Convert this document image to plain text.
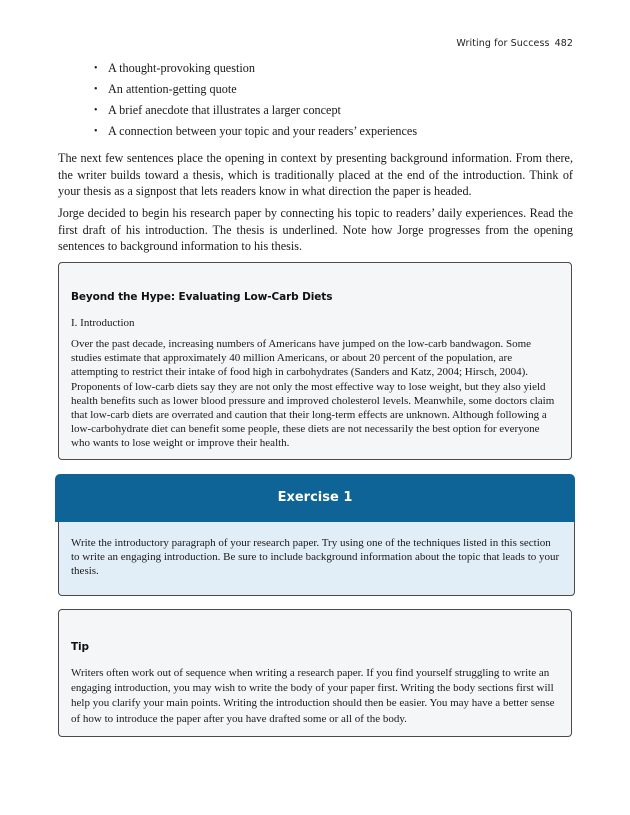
Writing for Success 482
• A thought-provoking question
• An attention-getting quote
• A brief anecdote that illustrates a larger concept
• A connection between your topic and your readers’ experiences

The next few sentences place the opening in context by presenting background information. From there, the writer builds toward a thesis, which is traditionally placed at the end of the introduction. Think of your thesis as a signpost that lets readers know in what direction the paper is headed.

Jorge decided to begin his research paper by connecting his topic to readers’ daily experiences. Read the first draft of his introduction. The thesis is underlined. Note how Jorge progresses from the opening sentences to background information to his thesis.

Beyond the Hype: Evaluating Low-Carb Diets
I. Introduction
Over the past decade, increasing numbers of Americans have jumped on the low-carb bandwagon. Some studies estimate that approximately 40 million Americans, or about 20 percent of the population, are attempting to restrict their intake of food high in carbohydrates (Sanders and Katz, 2004; Hirsch, 2004). Proponents of low-carb diets say they are not only the most effective way to lose weight, but they also yield health benefits such as lower blood pressure and improved cholesterol levels. Meanwhile, some doctors claim that low-carb diets are overrated and caution that their long-term effects are unknown. Although following a low-carbohydrate diet can benefit some people, these diets are not necessarily the best option for everyone who wants to lose weight or improve their health.
Exercise 1
Write the introductory paragraph of your research paper. Try using one of the techniques listed in this section to write an engaging introduction. Be sure to include background information about the topic that leads to your thesis.
Tip
Writers often work out of sequence when writing a research paper. If you find yourself struggling to write an engaging introduction, you may wish to write the body of your paper first. Writing the body sections first will help you clarify your main points. Writing the introduction should then be easier. You may have a better sense of how to introduce the paper after you have drafted some or all of the body.
